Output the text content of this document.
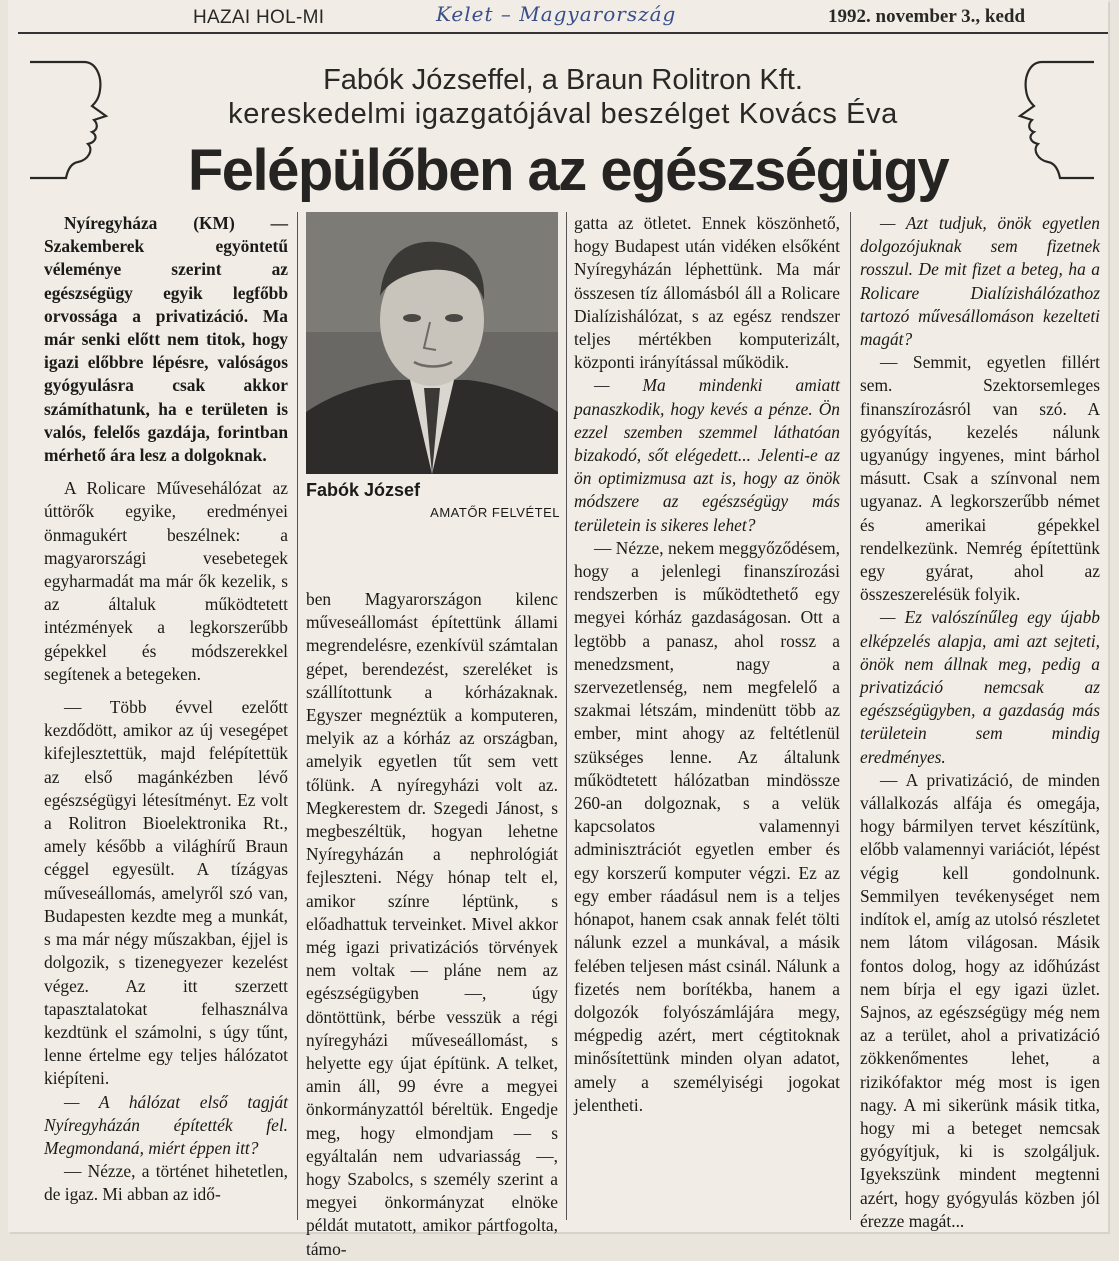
HAZAI HOL-MI	Kelet – Magyarország	1992. november 3., kedd
Fabók Józseffel, a Braun Rolitron Kft.
kereskedelmi igazgatójával beszélget Kovács Éva
Felépülőben az egészségügy
Fabók József
AMATŐR FELVÉTEL

Nyíregyháza (KM) — Szakemberek egyöntetű véleménye szerint az egészségügy egyik legfőbb orvossága a privatizáció. Ma már senki előtt nem titok, hogy igazi előbbre lépésre, valóságos gyógyulásra csak akkor számíthatunk, ha e területen is valós, felelős gazdája, forintban mérhető ára lesz a dolgoknak.

A Rolicare Művesehálózat az úttörők egyike, eredményei önmagukért beszélnek: a magyarországi vesebetegek egyharmadát ma már ők kezelik, s az általuk működtetett intézmények a legkorszerűbb gépekkel és módszerekkel segítenek a betegeken.

— Több évvel ezelőtt kezdődött, amikor az új vesegépet kifejlesztettük, majd felépítettük az első magánkézben lévő egészségügyi létesítményt. Ez volt a Rolitron Bioelektronika Rt., amely később a világhírű Braun céggel egyesült. A tízágyas műveseállomás, amelyről szó van, Budapesten kezdte meg a munkát, s ma már négy műszakban, éjjel is dolgozik, s tizenegyezer kezelést végez. Az itt szerzett tapasztalatokat felhasználva kezdtünk el számolni, s úgy tűnt, lenne értelme egy teljes hálózatot kiépíteni.

— A hálózat első tagját Nyíregyházán építették fel. Megmondaná, miért éppen itt?

— Nézze, a történet hihetetlen, de igaz. Mi abban az idő-

ben Magyarországon kilenc műveseállomást építettünk állami megrendelésre, ezenkívül számtalan gépet, berendezést, szereléket is szállítottunk a kórházaknak. Egyszer megnéztük a komputeren, melyik az a kórház az országban, amelyik egyetlen tűt sem vett tőlünk. A nyíregyházi volt az. Megkerestem dr. Szegedi Jánost, s megbeszéltük, hogyan lehetne Nyíregyházán a nephrológiát fejleszteni. Négy hónap telt el, amikor színre léptünk, s előadhattuk terveinket. Mivel akkor még igazi privatizációs törvények nem voltak — pláne nem az egészségügyben —, úgy döntöttünk, bérbe vesszük a régi nyíregyházi műveseállomást, s helyette egy újat építünk. A telket, amin áll, 99 évre a megyei önkormányzattól béreltük. Engedje meg, hogy elmondjam — s egyáltalán nem udvariasság —, hogy Szabolcs, s személy szerint a megyei önkormányzat elnöke példát mutatott, amikor pártfogolta, támo-

gatta az ötletet. Ennek köszönhető, hogy Budapest után vidéken elsőként Nyíregyházán léphettünk. Ma már összesen tíz állomásból áll a Rolicare Dialízishálózat, s az egész rendszer teljes mértékben komputerizált, központi irányítással működik.

— Ma mindenki amiatt panaszkodik, hogy kevés a pénze. Ön ezzel szemben szemmel láthatóan bizakodó, sőt elégedett... Jelenti-e az ön optimizmusa azt is, hogy az önök módszere az egészségügy más területein is sikeres lehet?

— Nézze, nekem meggyőződésem, hogy a jelenlegi finanszírozási rendszerben is működtethető egy megyei kórház gazdaságosan. Ott a legtöbb a panasz, ahol rossz a menedzsment, nagy a szervezetlenség, nem megfelelő a szakmai létszám, mindenütt több az ember, mint ahogy az feltétlenül szükséges lenne. Az általunk működtetett hálózatban mindössze 260-an dolgoznak, s a velük kapcsolatos valamennyi adminisztrációt egyetlen ember és egy korszerű komputer végzi. Ez az egy ember ráadásul nem is a teljes hónapot, hanem csak annak felét tölti nálunk ezzel a munkával, a másik felében teljesen mást csinál. Nálunk a fizetés nem borítékba, hanem a dolgozók folyószámlájára megy, mégpedig azért, mert cégtitoknak minősítettünk minden olyan adatot, amely a személyiségi jogokat jelentheti.

— Azt tudjuk, önök egyetlen dolgozójuknak sem fizetnek rosszul. De mit fizet a beteg, ha a Rolicare Dialízishálózathoz tartozó művesállomáson kezelteti magát?

— Semmit, egyetlen fillért sem. Szektorsemleges finanszírozásról van szó. A gyógyítás, kezelés nálunk ugyanúgy ingyenes, mint bárhol másutt. Csak a színvonal nem ugyanaz. A legkorszerűbb német és amerikai gépekkel rendelkezünk. Nemrég építettünk egy gyárat, ahol az összeszerelésük folyik.

— Ez valószínűleg egy újabb elképzelés alapja, ami azt sejteti, önök nem állnak meg, pedig a privatizáció nemcsak az egészségügyben, a gazdaság más területein sem mindig eredményes.

— A privatizáció, de minden vállalkozás alfája és omegája, hogy bármilyen tervet készítünk, előbb valamennyi variációt, lépést végig kell gondolnunk. Semmilyen tevékenységet nem indítok el, amíg az utolsó részletet nem látom világosan. Másik fontos dolog, hogy az időhúzást nem bírja el egy igazi üzlet. Sajnos, az egészségügy még nem az a terület, ahol a privatizáció zökkenőmentes lehet, a rizikófaktor még most is igen nagy. A mi sikerünk másik titka, hogy mi a beteget nemcsak gyógyítjuk, ki is szolgáljuk. Igyekszünk mindent megtenni azért, hogy gyógyulás közben jól érezze magát...
